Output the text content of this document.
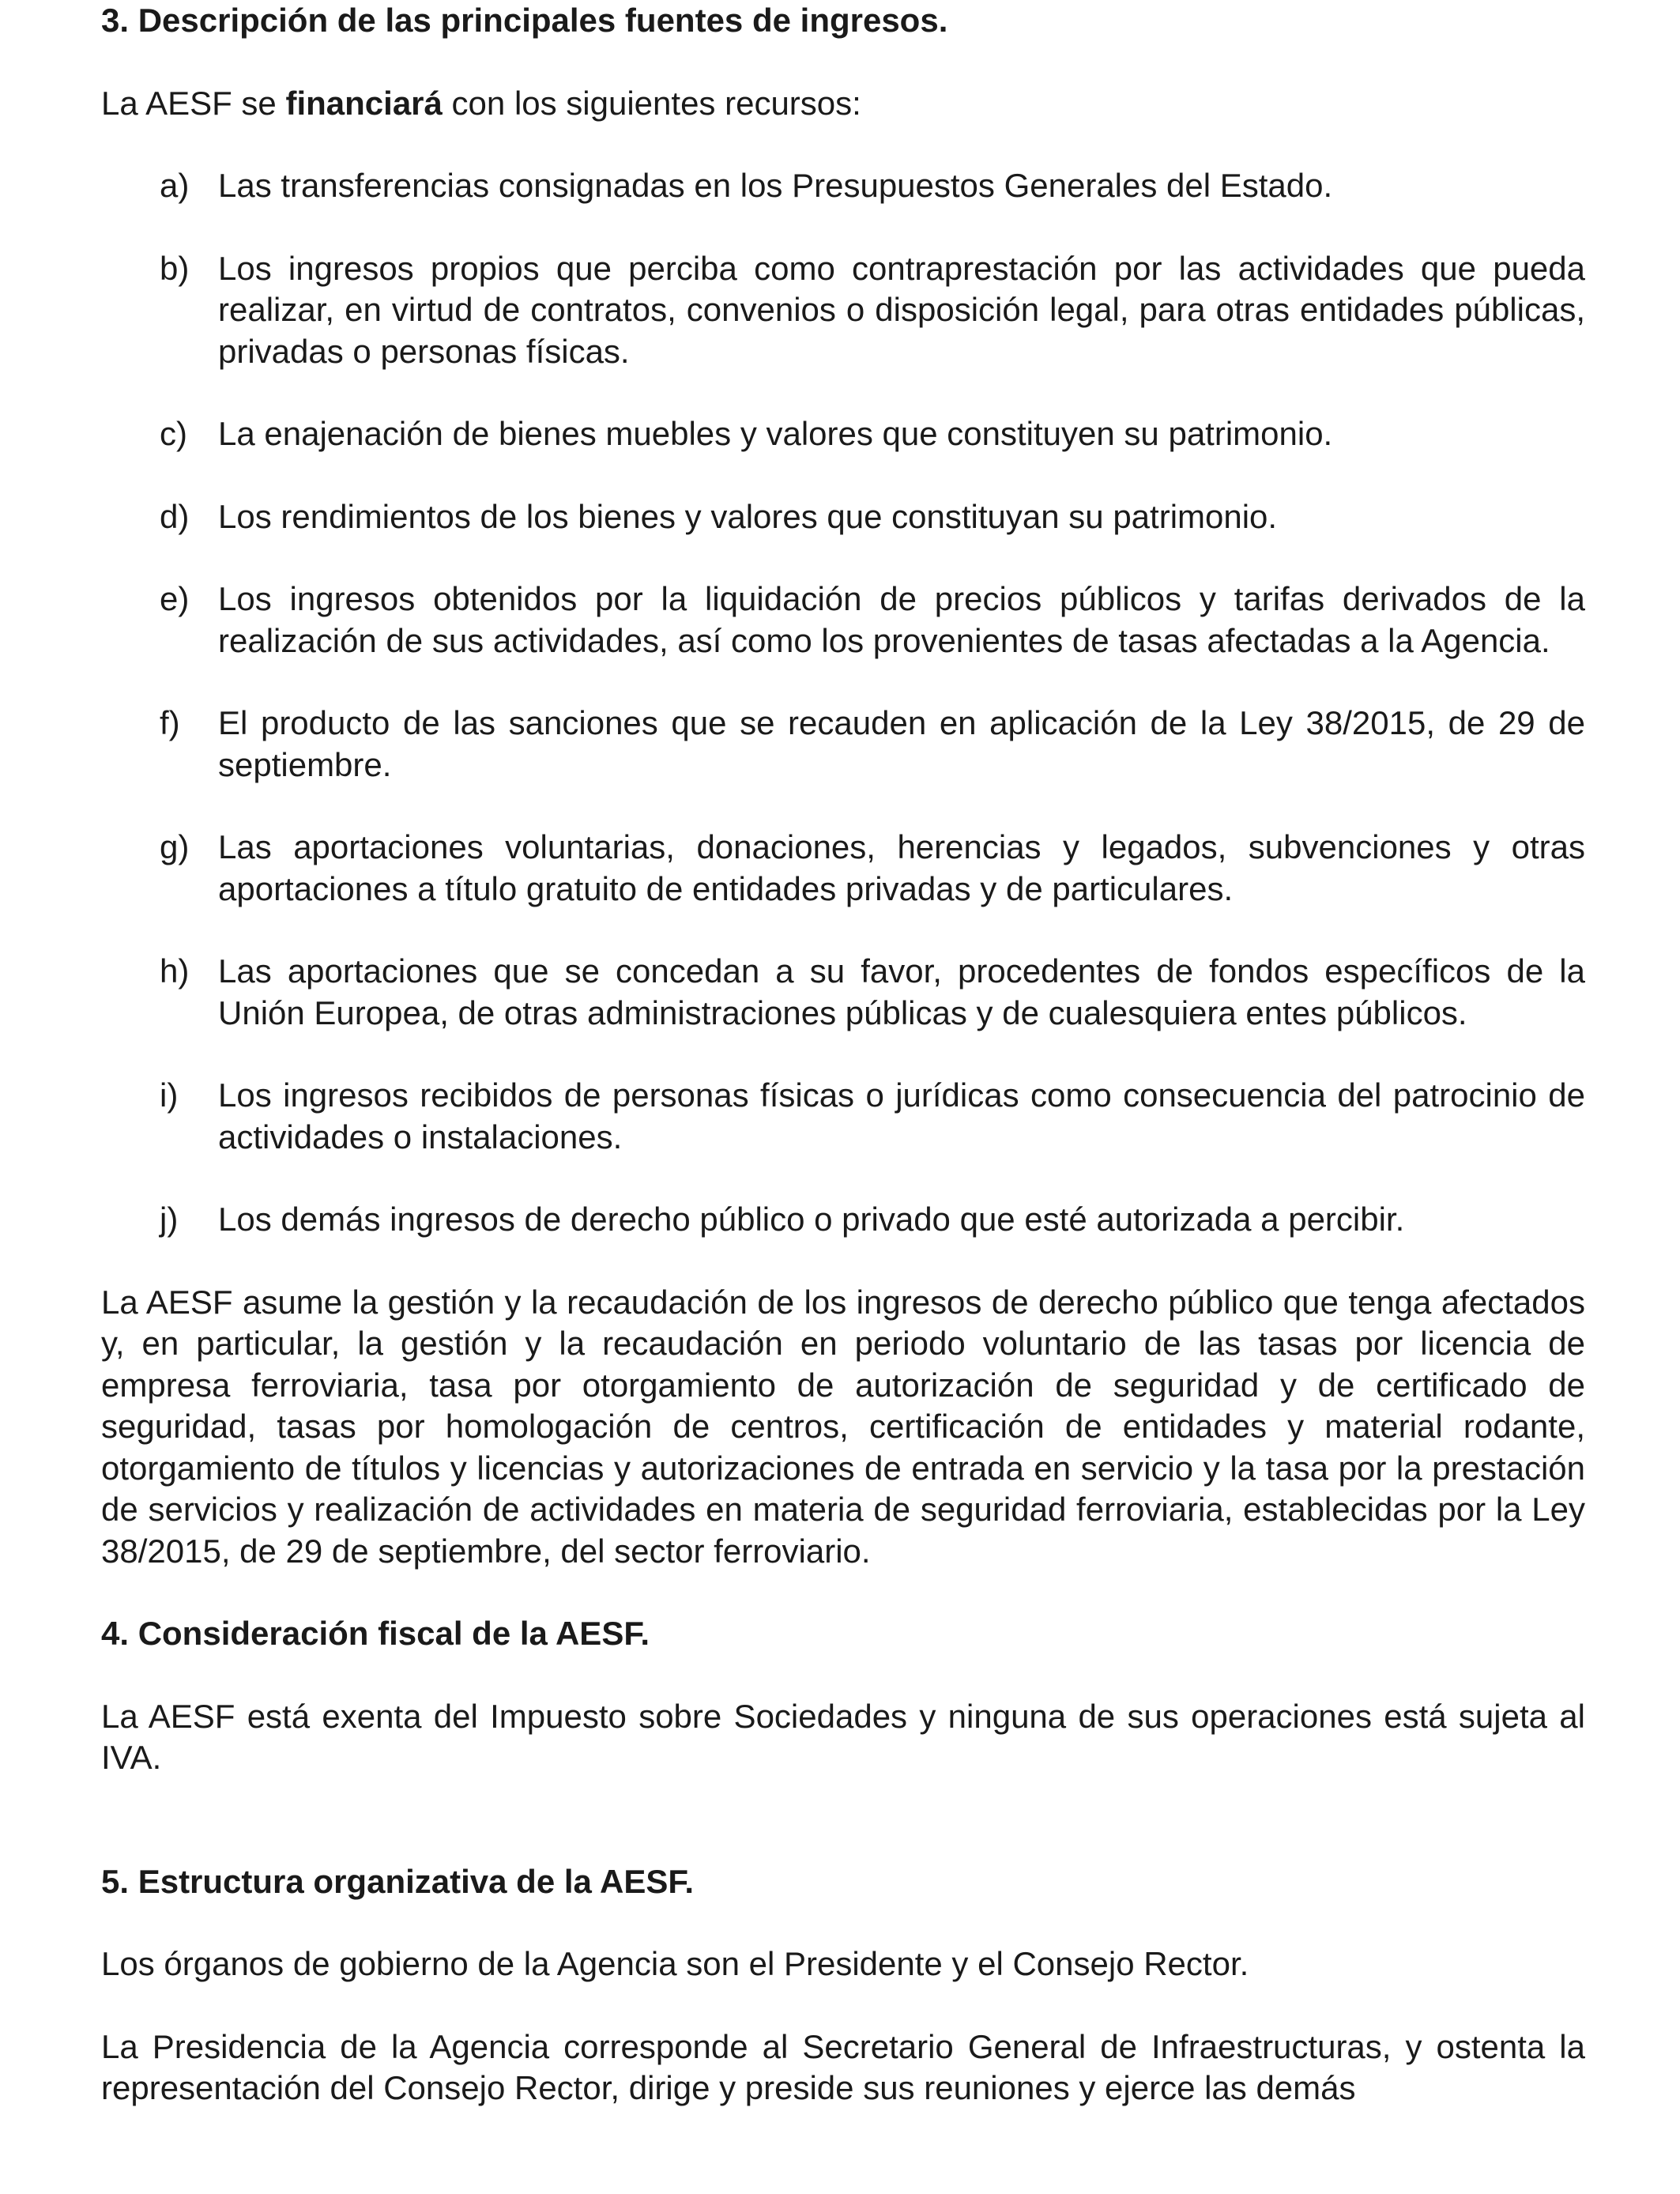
3. Descripción de las principales fuentes de ingresos.

La AESF se financiará con los siguientes recursos:

a) Las transferencias consignadas en los Presupuestos Generales del Estado.
b) Los ingresos propios que perciba como contraprestación por las actividades que pueda realizar, en virtud de contratos, convenios o disposición legal, para otras entidades públicas, privadas o personas físicas.
c) La enajenación de bienes muebles y valores que constituyen su patrimonio.
d) Los rendimientos de los bienes y valores que constituyan su patrimonio.
e) Los ingresos obtenidos por la liquidación de precios públicos y tarifas derivados de la realización de sus actividades, así como los provenientes de tasas afectadas a la Agencia.
f) El producto de las sanciones que se recauden en aplicación de la Ley 38/2015, de 29 de septiembre.
g) Las aportaciones voluntarias, donaciones, herencias y legados, subvenciones y otras aportaciones a título gratuito de entidades privadas y de particulares.
h) Las aportaciones que se concedan a su favor, procedentes de fondos específicos de la Unión Europea, de otras administraciones públicas y de cualesquiera entes públicos.
i) Los ingresos recibidos de personas físicas o jurídicas como consecuencia del patrocinio de actividades o instalaciones.
j) Los demás ingresos de derecho público o privado que esté autorizada a percibir.

La AESF asume la gestión y la recaudación de los ingresos de derecho público que tenga afectados y, en particular, la gestión y la recaudación en periodo voluntario de las tasas por licencia de empresa ferroviaria, tasa por otorgamiento de autorización de seguridad y de certificado de seguridad, tasas por homologación de centros, certificación de entidades y material rodante, otorgamiento de títulos y licencias y autorizaciones de entrada en servicio y la tasa por la prestación de servicios y realización de actividades en materia de seguridad ferroviaria, establecidas por la Ley 38/2015, de 29 de septiembre, del sector ferroviario.

4. Consideración fiscal de la AESF.

La AESF está exenta del Impuesto sobre Sociedades y ninguna de sus operaciones está sujeta al IVA.

5. Estructura organizativa de la AESF.

Los órganos de gobierno de la Agencia son el Presidente y el Consejo Rector.

La Presidencia de la Agencia corresponde al Secretario General de Infraestructuras, y ostenta la representación del Consejo Rector, dirige y preside sus reuniones y ejerce las demás
